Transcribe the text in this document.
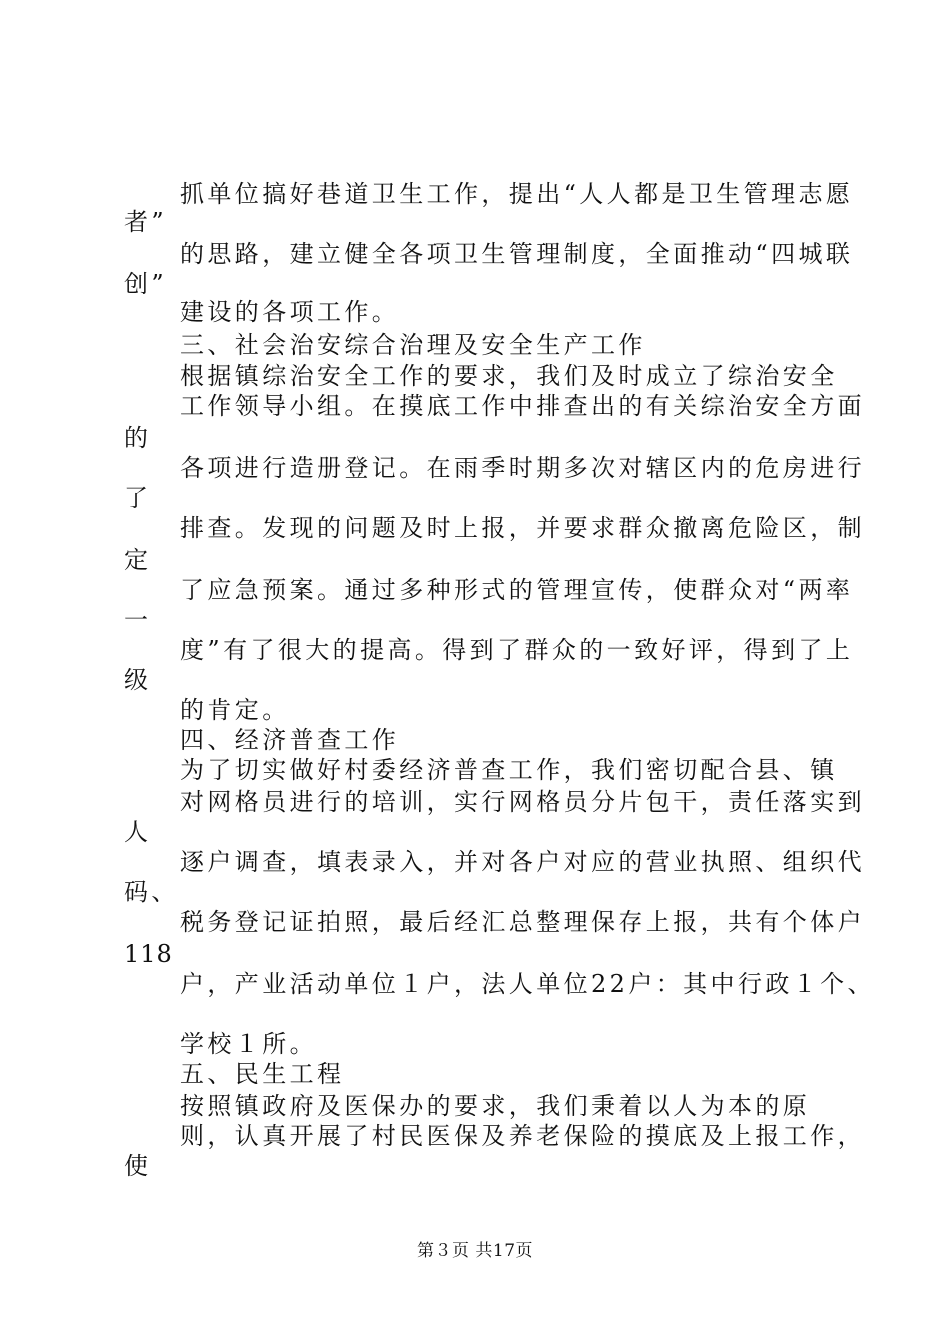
抓单位搞好巷道卫生工作，提出“人人都是卫生管理志愿
者”
的思路，建立健全各项卫生管理制度，全面推动“四城联
创”
建设的各项工作。
三、社会治安综合治理及安全生产工作
根据镇综治安全工作的要求，我们及时成立了综治安全
工作领导小组。在摸底工作中排查出的有关综治安全方面
的
各项进行造册登记。在雨季时期多次对辖区内的危房进行
了
排查。发现的问题及时上报，并要求群众撤离危险区，制
定
了应急预案。通过多种形式的管理宣传，使群众对“两率
一
度”有了很大的提高。得到了群众的一致好评，得到了上
级
的肯定。
四、经济普查工作
为了切实做好村委经济普查工作，我们密切配合县、镇
对网格员进行的培训，实行网格员分片包干，责任落实到
人
逐户调查，填表录入，并对各户对应的营业执照、组织代
码、
税务登记证拍照，最后经汇总整理保存上报，共有个体户
118
户，产业活动单位１户，法人单位22户：其中行政１个、
学校１所。
五、民生工程
按照镇政府及医保办的要求，我们秉着以人为本的原
则，认真开展了村民医保及养老保险的摸底及上报工作，
使
第３页 共17页
